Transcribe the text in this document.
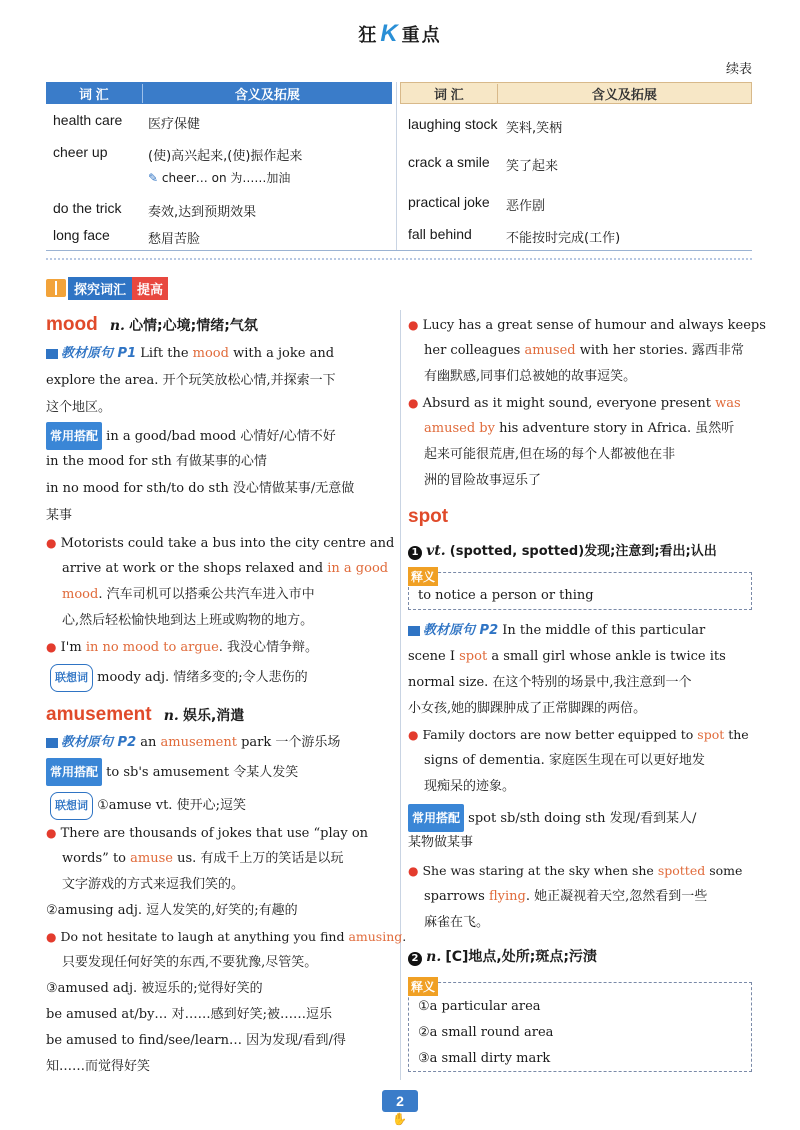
狂K 重点
续表
词 汇	含义及拓展	词 汇	含义及拓展
health care 医疗保健
cheer up	(使)高兴起来,(使)振作起来
✎ cheer… on 为……加油
do the trick 奏效,达到预期效果
long face	愁眉苦脸
laughing stock 笑料,笑柄
crack a smile 笑了起来
practical joke 恶作剧
fall behind	不能按时完成(工作)
探究词汇 提高
mood n. 心情;心境;情绪;气氛
教材原句 P1 Lift the mood with a joke and
explore the area. 开个玩笑放松心情,并探索一下
这个地区。
常用搭配 in a good/bad mood 心情好/心情不好
in the mood for sth 有做某事的心情
in no mood for sth/to do sth 没心情做某事/无意做
某事
● Motorists could take a bus into the city centre and
arrive at work or the shops relaxed and in a good
mood. 汽车司机可以搭乘公共汽车进入市中
心,然后轻松愉快地到达上班或购物的地方。
● I'm in no mood to argue. 我没心情争辩。
联想词 moody adj. 情绪多变的;令人悲伤的
amusement n. 娱乐,消遣
教材原句 P2 an amusement park 一个游乐场
常用搭配 to sb's amusement 令某人发笑
联想词 ①amuse vt. 使开心;逗笑
● There are thousands of jokes that use “play on
words” to amuse us. 有成千上万的笑话是以玩
文字游戏的方式来逗我们笑的。
②amusing adj. 逗人发笑的,好笑的;有趣的
● Do not hesitate to laugh at anything you find amusing.
只要发现任何好笑的东西,不要犹豫,尽管笑。
③amused adj. 被逗乐的;觉得好笑的
be amused at/by… 对……感到好笑;被……逗乐
be amused to find/see/learn… 因为发现/看到/得
知……而觉得好笑
● Lucy has a great sense of humour and always keeps
her colleagues amused with her stories. 露西非常
有幽默感,同事们总被她的故事逗笑。
● Absurd as it might sound, everyone present was
amused by his adventure story in Africa. 虽然听
起来可能很荒唐,但在场的每个人都被他在非
洲的冒险故事逗乐了
spot
1 vt. (spotted, spotted)发现;注意到;看出;认出
释义
to notice a person or thing
教材原句 P2 In the middle of this particular
scene I spot a small girl whose ankle is twice its
normal size. 在这个特别的场景中,我注意到一个
小女孩,她的脚踝肿成了正常脚踝的两倍。
● Family doctors are now better equipped to spot the
signs of dementia. 家庭医生现在可以更好地发
现痴呆的迹象。
常用搭配 spot sb/sth doing sth 发现/看到某人/
某物做某事
● She was staring at the sky when she spotted some
sparrows flying. 她正凝视着天空,忽然看到一些
麻雀在飞。
2 n. [C]地点,处所;斑点;污渍
释义
①a particular area
②a small round area
③a small dirty mark
2
✋
